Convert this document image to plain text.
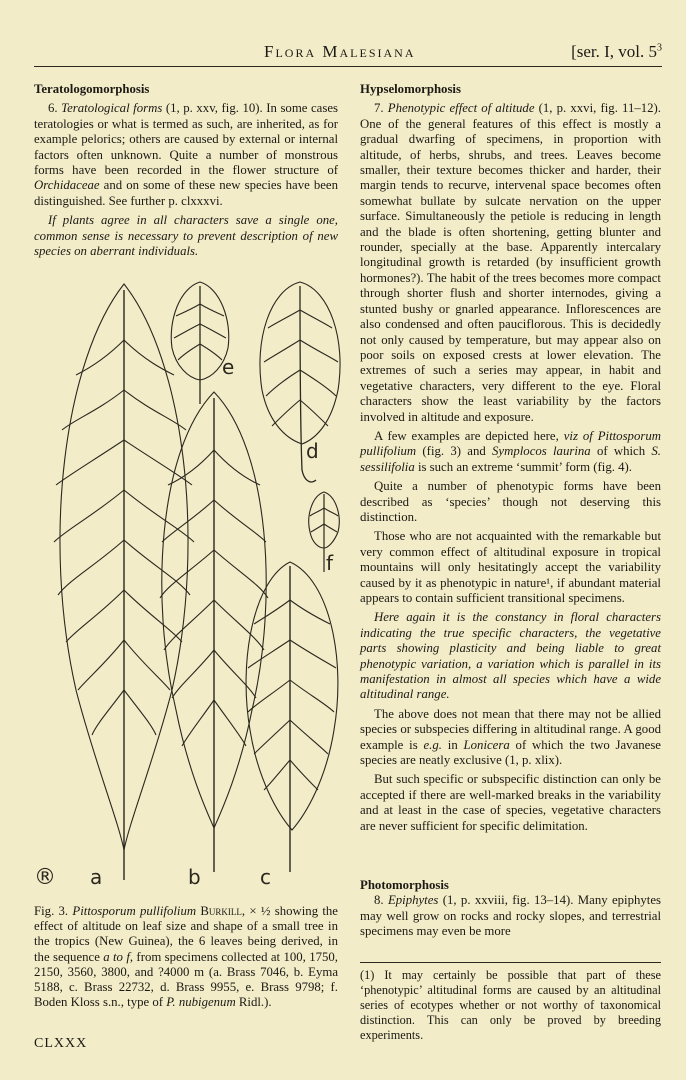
Flora Malesiana	[ser. I, vol. $5^3$

Teratologomorphosis

6. Teratological forms (1, p. xxv, fig. 10). In some cases teratologies or what is termed as such, are inherited, as for example pelorics; others are caused by external or internal factors often unknown. Quite a number of monstrous forms have been recorded in the flower structure of Orchidaceae and on some of these new species have been distinguished. See further p. clxxxvi.

If plants agree in all characters save a single one, common sense is necessary to prevent description of new species on aberrant individuals.

e
d
f
a	b	c
®
Fig. 3. Pittosporum pullifolium Burkill, × ½ showing the effect of altitude on leaf size and shape of a small tree in the tropics (New Guinea), the 6 leaves being derived, in the sequence a to f, from specimens collected at 100, 1750, 2150, 3560, 3800, and ?4000 m (a. Brass 7046, b. Eyma 5188, c. Brass 22732, d. Brass 9955, e. Brass 9798; f. Boden Kloss s.n., type of P. nubigenum Ridl.).

Hypselomorphosis

7. Phenotypic effect of altitude (1, p. xxvi, fig. 11–12). One of the general features of this effect is mostly a gradual dwarfing of specimens, in proportion with altitude, of herbs, shrubs, and trees. Leaves become smaller, their texture becomes thicker and harder, their margin tends to recurve, intervenal space becomes often somewhat bullate by sulcate nervation on the upper surface. Simultaneously the petiole is reducing in length and the blade is often shortening, getting blunter and rounder, specially at the base. Apparently intercalary longitudinal growth is retarded (by insufficient growth hormones?). The habit of the trees becomes more compact through shorter flush and shorter internodes, giving a stunted bushy or gnarled appearance. Inflorescences are also condensed and often pauciflorous. This is decidedly not only caused by temperature, but may appear also on poor soils on exposed crests at lower elevation. The extremes of such a series may appear, in habit and vegetative characters, very different to the eye. Floral characters show the least variability by the factors involved in altitude and exposure.

A few examples are depicted here, viz of Pittosporum pullifolium (fig. 3) and Symplocos laurina of which S. sessilifolia is such an extreme ‘summit’ form (fig. 4).

Quite a number of phenotypic forms have been described as ‘species’ though not deserving this distinction.

Those who are not acquainted with the remarkable but very common effect of altitudinal exposure in tropical mountains will only hesitatingly accept the variability caused by it as phenotypic in nature¹, if abundant material appears to contain sufficient transitional specimens.

Here again it is the constancy in floral characters indicating the true specific characters, the vegetative parts showing plasticity and being liable to great phenotypic variation, a variation which is parallel in its manifestation in almost all species which have a wide altitudinal range.

The above does not mean that there may not be allied species or subspecies differing in altitudinal range. A good example is e.g. in Lonicera of which the two Javanese species are neatly exclusive (1, p. xlix).

But such specific or subspecific distinction can only be accepted if there are well-marked breaks in the variability and at least in the case of species, vegetative characters are never sufficient for specific delimitation.

Photomorphosis

8. Epiphytes (1, p. xxviii, fig. 13–14). Many epiphytes may well grow on rocks and rocky slopes, and terrestrial specimens may even be more

(1) It may certainly be possible that part of these ‘phenotypic’ altitudinal forms are caused by an altitudinal series of ecotypes whether or not worthy of taxonomical distinction. This can only be proved by breeding experiments.
CLXXX
